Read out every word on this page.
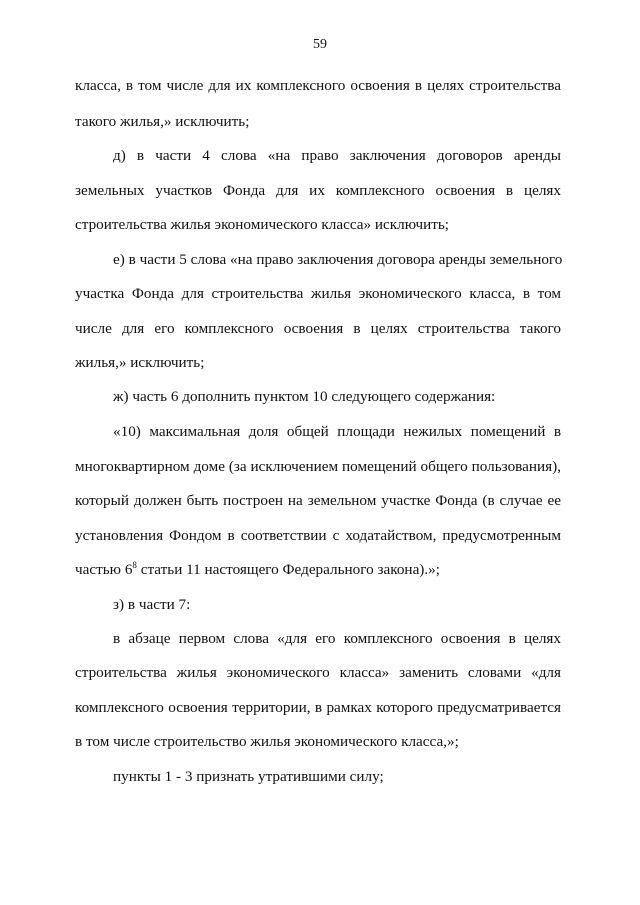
59
класса, в том числе для их комплексного освоения в целях строительства
такого жилья,» исключить;
д) в части 4 слова «на право заключения договоров аренды
земельных участков Фонда для их комплексного освоения в целях
строительства жилья экономического класса» исключить;
е) в части 5 слова «на право заключения договора аренды земельного
участка Фонда для строительства жилья экономического класса, в том
числе для его комплексного освоения в целях строительства такого
жилья,» исключить;
ж) часть 6 дополнить пунктом 10 следующего содержания:
«10) максимальная доля общей площади нежилых помещений в
многоквартирном доме (за исключением помещений общего пользования),
который должен быть построен на земельном участке Фонда (в случае ее
установления Фондом в соответствии с ходатайством, предусмотренным
частью $6^8$ статьи 11 настоящего Федерального закона).»;
з) в части 7:
в абзаце первом слова «для его комплексного освоения в целях
строительства жилья экономического класса» заменить словами «для
комплексного освоения территории, в рамках которого предусматривается
в том числе строительство жилья экономического класса,»;
пункты 1 - 3 признать утратившими силу;
